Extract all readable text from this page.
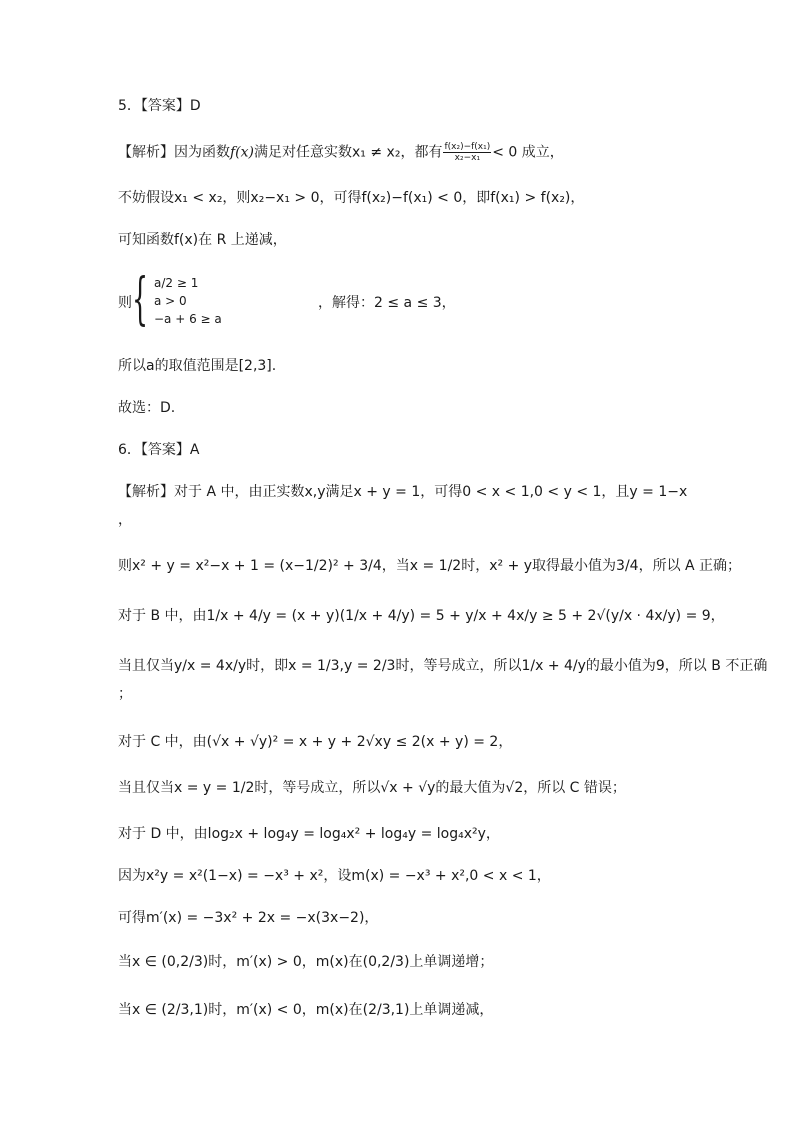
5．【答案】D
【解析】因为函数f(x)满足对任意实数x₁ ≠ x₂，都有 $\frac{\text{f(x₂)−f(x₁)}}{\text{x₂−x₁}} < 0$ 成立，
不妨假设x₁ < x₂，则x₂−x₁ > 0，可得f(x₂)−f(x₁) < 0，即f(x₁) > f(x₂)，
可知函数f(x)在 R 上递减，
则 { a/2 ≥ 1
a > 0
−a + 6 ≥ a
，解得：2 ≤ a ≤ 3，
所以a的取值范围是[2,3].
故选：D.
6．【答案】A
【解析】对于 A 中，由正实数x,y满足x + y = 1，可得0 < x < 1,0 < y < 1，且y = 1−x
，
则x² + y = x²−x + 1 = (x−1/2)² + 3/4，当x = 1/2时，x² + y取得最小值为3/4，所以 A 正确；
对于 B 中，由1/x + 4/y = (x + y)(1/x + 4/y) = 5 + y/x + 4x/y ≥ 5 + 2√(y/x · 4x/y) = 9，
当且仅当y/x = 4x/y时，即x = 1/3,y = 2/3时，等号成立，所以1/x + 4/y的最小值为9，所以 B 不正确
；
对于 C 中，由(√x + √y)² = x + y + 2√xy ≤ 2(x + y) = 2，
当且仅当x = y = 1/2时，等号成立，所以√x + √y的最大值为√2，所以 C 错误；
对于 D 中，由log₂x + log₄y = log₄x² + log₄y = log₄x²y，
因为x²y = x²(1−x) = −x³ + x²，设m(x) = −x³ + x²,0 < x < 1，
可得m′(x) = −3x² + 2x = −x(3x−2)，
当x ∈ (0,2/3)时，m′(x) > 0，m(x)在(0,2/3)上单调递增；
当x ∈ (2/3,1)时，m′(x) < 0，m(x)在(2/3,1)上单调递减，
